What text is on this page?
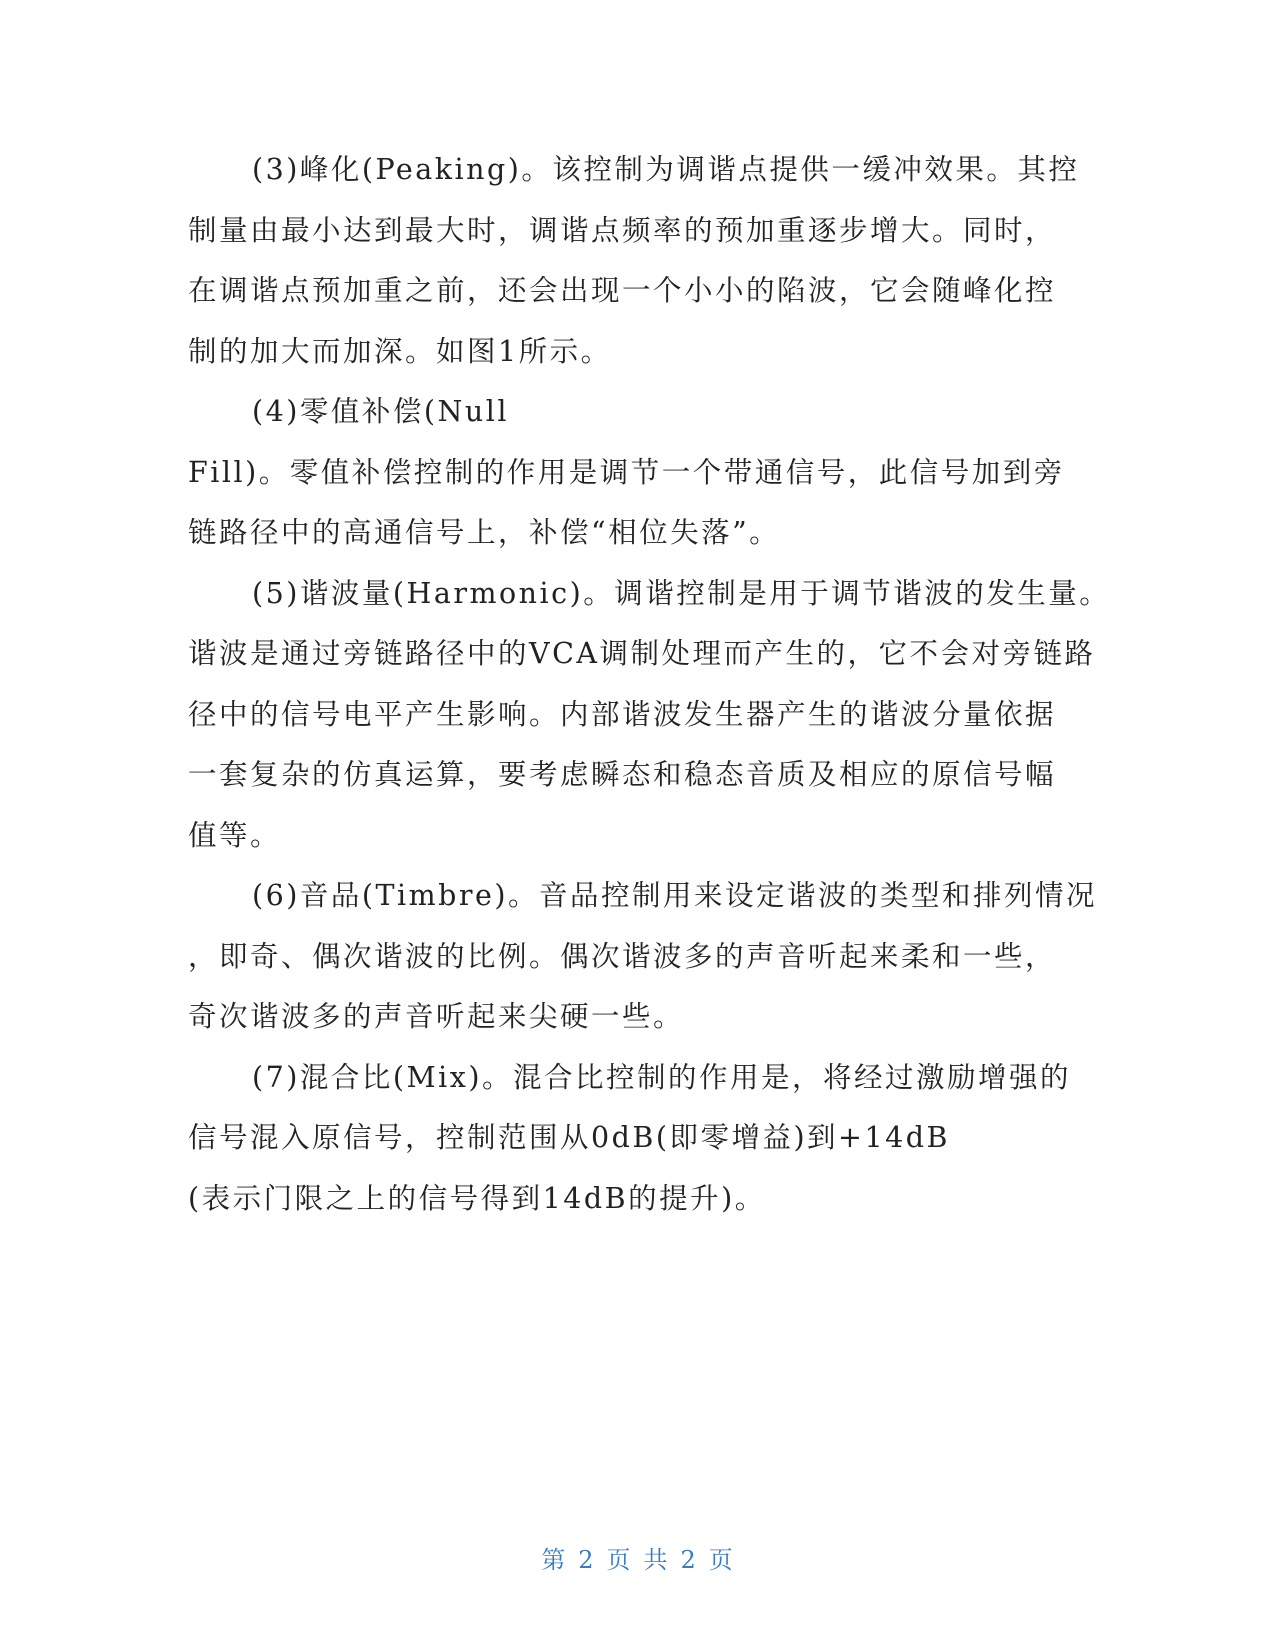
(3)峰化(Peaking)。该控制为调谐点提供一缓冲效果。其控
制量由最小达到最大时，调谐点频率的预加重逐步增大。同时，
在调谐点预加重之前，还会出现一个小小的陷波，它会随峰化控
制的加大而加深。如图1所示。
(4)零值补偿(Null
Fill)。零值补偿控制的作用是调节一个带通信号，此信号加到旁
链路径中的高通信号上，补偿“相位失落”。
(5)谐波量(Harmonic)。调谐控制是用于调节谐波的发生量。
谐波是通过旁链路径中的VCA调制处理而产生的，它不会对旁链路
径中的信号电平产生影响。内部谐波发生器产生的谐波分量依据
一套复杂的仿真运算，要考虑瞬态和稳态音质及相应的原信号幅
值等。
(6)音品(Timbre)。音品控制用来设定谐波的类型和排列情况
，即奇、偶次谐波的比例。偶次谐波多的声音听起来柔和一些，
奇次谐波多的声音听起来尖硬一些。
(7)混合比(Mix)。混合比控制的作用是，将经过激励增强的
信号混入原信号，控制范围从0dB(即零增益)到+14dB
(表示门限之上的信号得到14dB的提升)。
第 2 页 共 2 页
